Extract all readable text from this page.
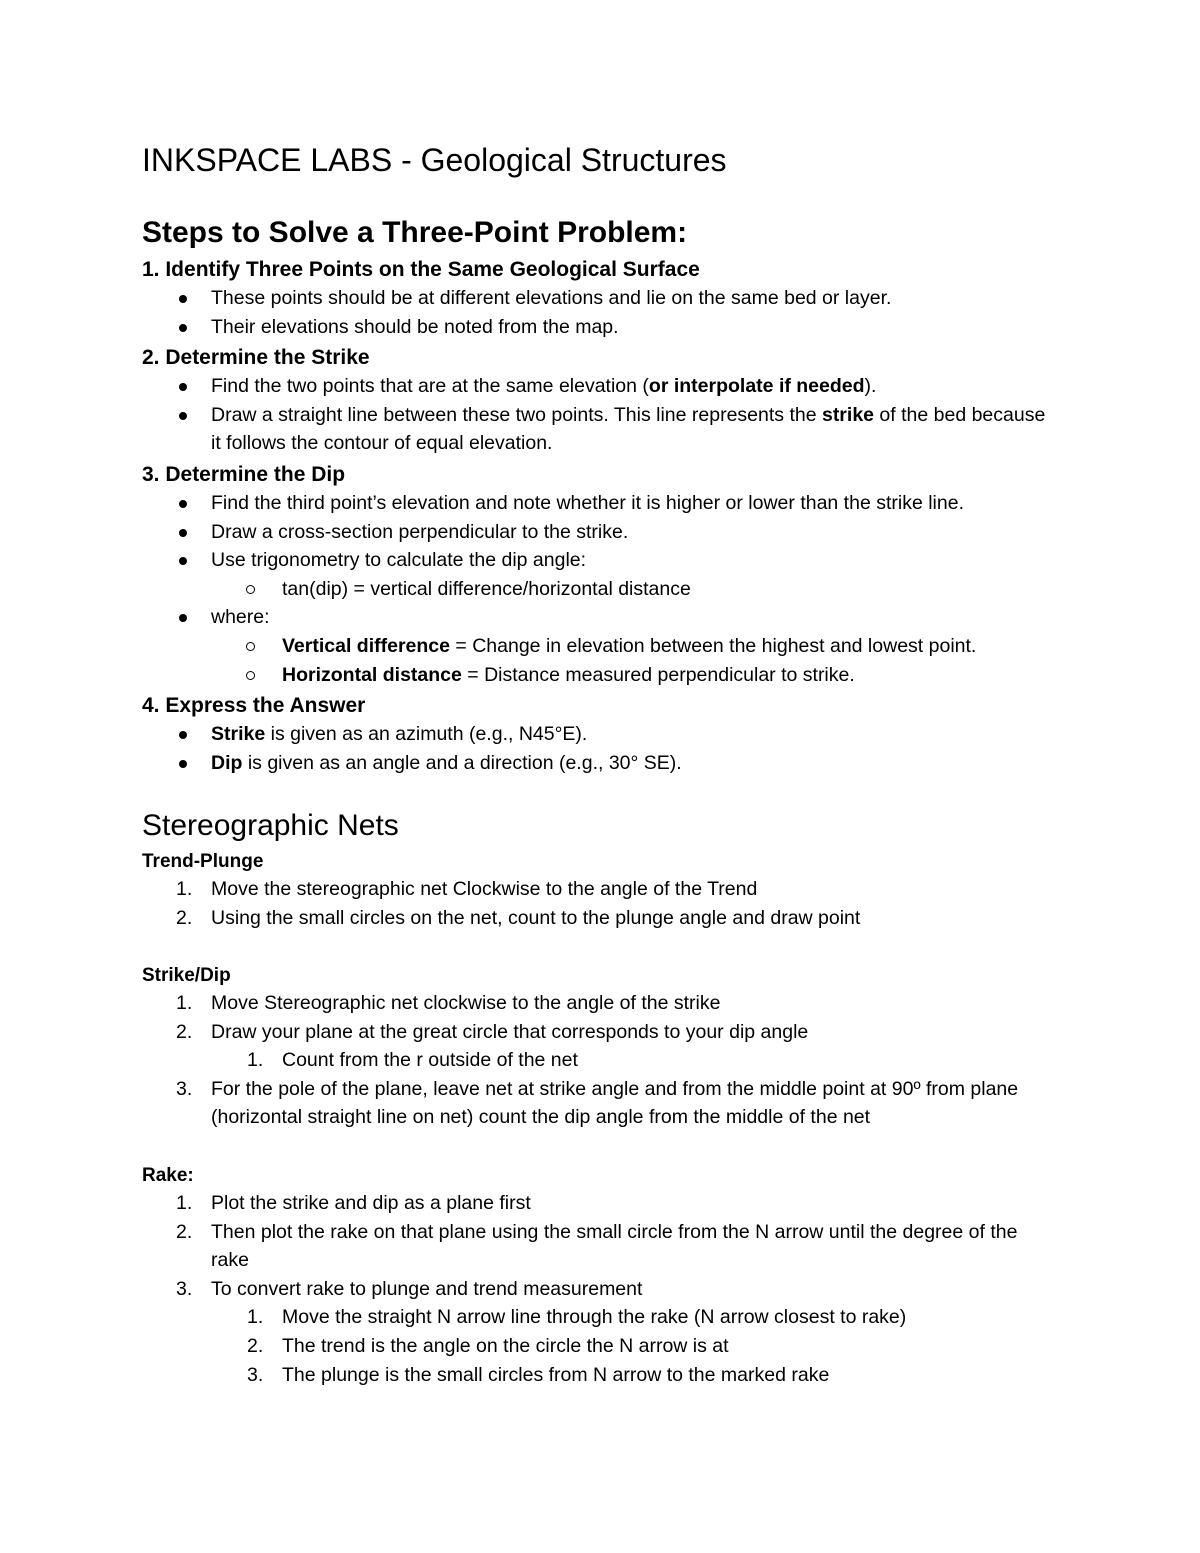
INKSPACE LABS - Geological Structures
Steps to Solve a Three-Point Problem:

1. Identify Three Points on the Same Geological Surface

These points should be at different elevations and lie on the same bed or layer.
Their elevations should be noted from the map.

2. Determine the Strike

Find the two points that are at the same elevation (or interpolate if needed).
Draw a straight line between these two points. This line represents the strike of the bed because it follows the contour of equal elevation.

3. Determine the Dip

Find the third point’s elevation and note whether it is higher or lower than the strike line.
Draw a cross-section perpendicular to the strike.
Use trigonometry to calculate the dip angle:
tan(dip) = vertical difference/horizontal distance
where:
Vertical difference = Change in elevation between the highest and lowest point.
Horizontal distance = Distance measured perpendicular to strike.

4. Express the Answer

Strike is given as an azimuth (e.g., N45°E).
Dip is given as an angle and a direction (e.g., 30° SE).
Stereographic Nets

Trend-Plunge

1. Move the stereographic net Clockwise to the angle of the Trend
2. Using the small circles on the net, count to the plunge angle and draw point

Strike/Dip

1. Move Stereographic net clockwise to the angle of the strike
2. Draw your plane at the great circle that corresponds to your dip angle
1. Count from the r outside of the net
3. For the pole of the plane, leave net at strike angle and from the middle point at 90º from plane (horizontal straight line on net) count the dip angle from the middle of the net

Rake:

1. Plot the strike and dip as a plane first
2. Then plot the rake on that plane using the small circle from the N arrow until the degree of the rake
3. To convert rake to plunge and trend measurement
1. Move the straight N arrow line through the rake (N arrow closest to rake)
2. The trend is the angle on the circle the N arrow is at
3. The plunge is the small circles from N arrow to the marked rake
